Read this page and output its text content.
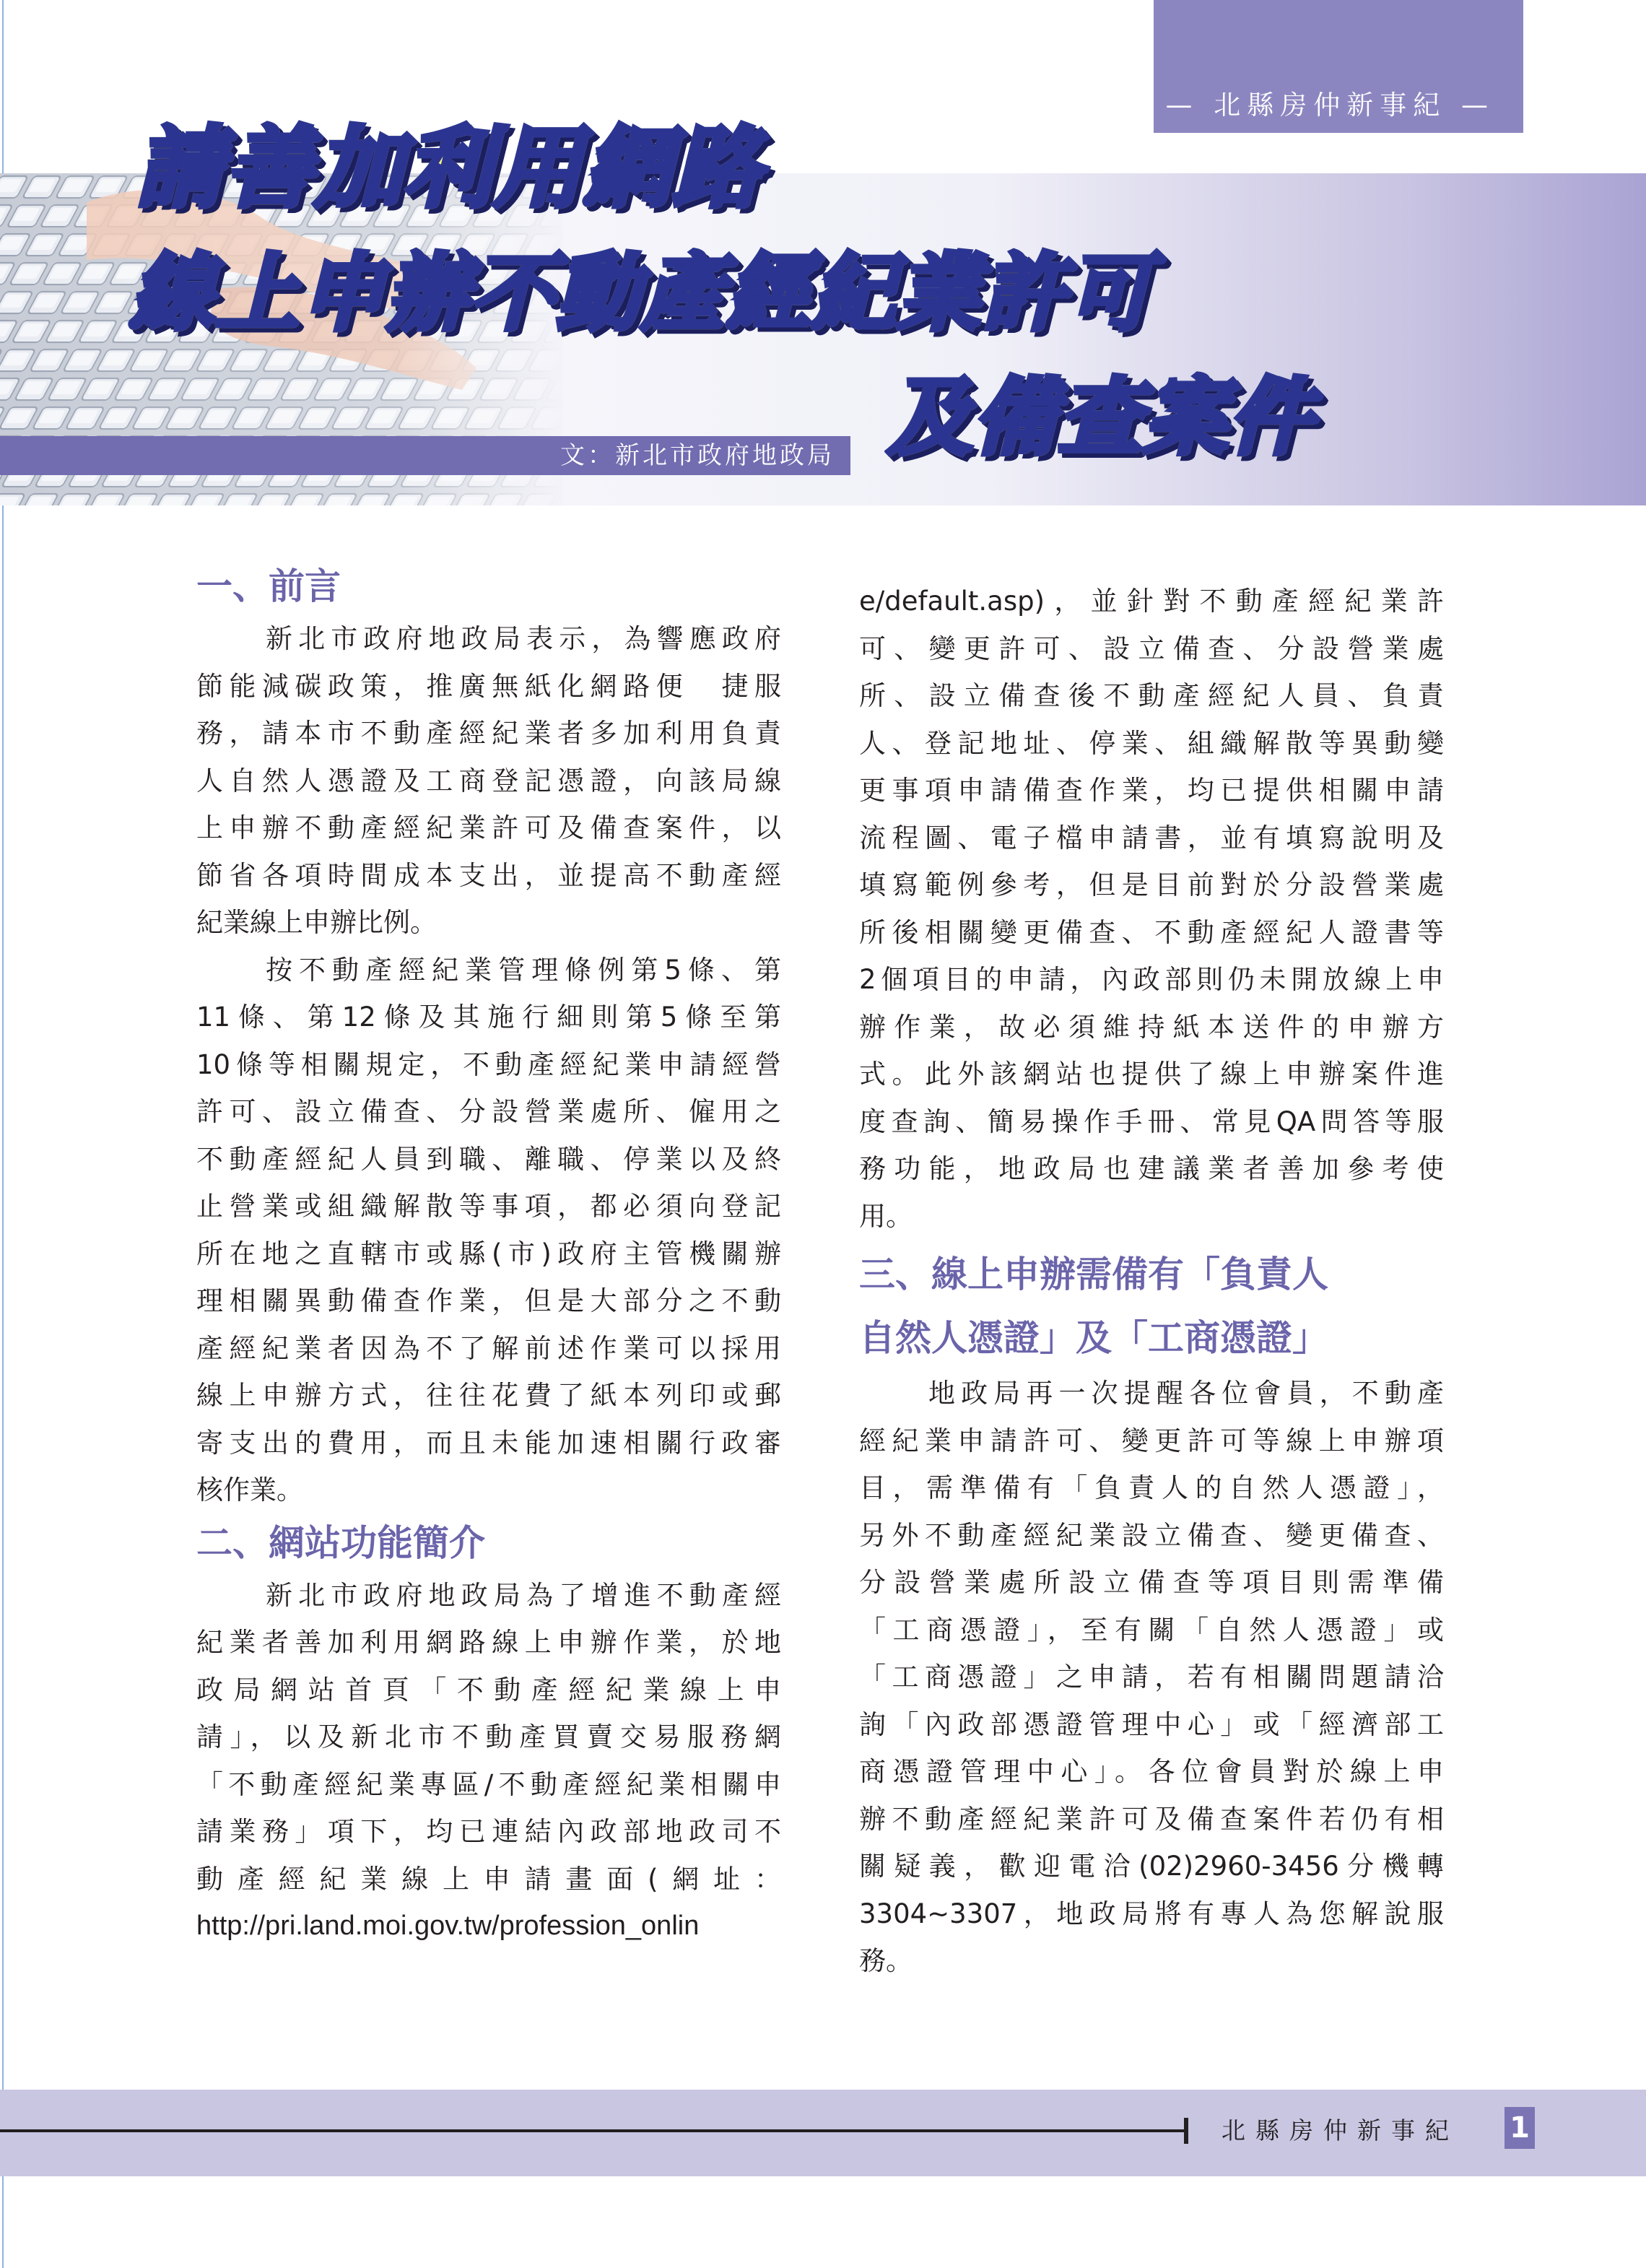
— 北縣房仲新事紀 —
文：新北市政府地政局
請善加利用網路
線上申辦不動產經紀業許可
及備查案件
一、前言
新北市政府地政局表示，為響應政府
節能減碳政策，推廣無紙化網路便　捷服
務，請本市不動產經紀業者多加利用負責
人自然人憑證及工商登記憑證，向該局線
上申辦不動產經紀業許可及備查案件，以
節省各項時間成本支出，並提高不動產經
紀業線上申辦比例。
按不動產經紀業管理條例第5條、第
11條、第12條及其施行細則第5條至第
10條等相關規定，不動產經紀業申請經營
許可、設立備查、分設營業處所、僱用之
不動產經紀人員到職、離職、停業以及終
止營業或組織解散等事項，都必須向登記
所在地之直轄市或縣(市)政府主管機關辦
理相關異動備查作業，但是大部分之不動
產經紀業者因為不了解前述作業可以採用
線上申辦方式，往往花費了紙本列印或郵
寄支出的費用，而且未能加速相關行政審
核作業。
二、網站功能簡介
新北市政府地政局為了增進不動產經
紀業者善加利用網路線上申辦作業，於地
政局網站首頁「不動產經紀業線上申
請」，以及新北市不動產買賣交易服務網
「不動產經紀業專區/不動產經紀業相關申
請業務」項下，均已連結內政部地政司不
動產經紀業線上申請畫面(網址：
http://pri.land.moi.gov.tw/profession_onlin
e/default.asp)，並針對不動產經紀業許
可、變更許可、設立備查、分設營業處
所、設立備查後不動產經紀人員、負責
人、登記地址、停業、組織解散等異動變
更事項申請備查作業，均已提供相關申請
流程圖、電子檔申請書，並有填寫說明及
填寫範例參考，但是目前對於分設營業處
所後相關變更備查、不動產經紀人證書等
2個項目的申請，內政部則仍未開放線上申
辦作業，故必須維持紙本送件的申辦方
式。此外該網站也提供了線上申辦案件進
度查詢、簡易操作手冊、常見QA問答等服
務功能，地政局也建議業者善加參考使
用。
三、線上申辦需備有「負責人
自然人憑證」及「工商憑證」
地政局再一次提醒各位會員，不動產
經紀業申請許可、變更許可等線上申辦項
目，需準備有「負責人的自然人憑證」，
另外不動產經紀業設立備查、變更備查、
分設營業處所設立備查等項目則需準備
「工商憑證」，至有關「自然人憑證」或
「工商憑證」之申請，若有相關問題請洽
詢「內政部憑證管理中心」或「經濟部工
商憑證管理中心」。各位會員對於線上申
辦不動產經紀業許可及備查案件若仍有相
關疑義，歡迎電洽(02)2960-3456分機轉
3304~3307，地政局將有專人為您解說服
務。
北縣房仲新事紀 1
